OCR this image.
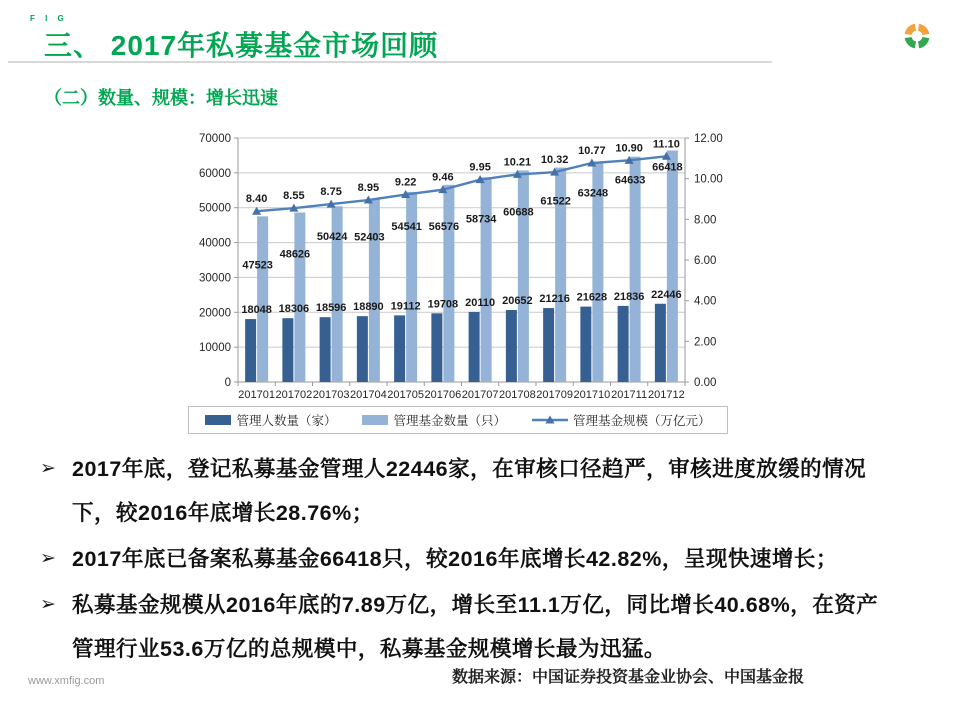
F I G
三、 2017年私募基金市场回顾
（二）数量、规模：增长迅速
0
10000
20000
30000
40000
50000
60000
70000
0.00
2.00
4.00
6.00
8.00
10.00
12.00
201701 201702 201703 201704 201705 201706 201707 201708 201709 201710 201711 201712
18048
47523
8.40
18306
48626
8.55
18596
50424
8.75
18890
52403
8.95
19112
54541
9.22
19708
56576
9.46
20110
58734
9.95
20652
60688
10.21
21216
61522
10.32
21628
63248
10.77
21836
64633
10.90
22446
66418
11.10
管理人数量（家）	管理基金数量（只）	管理基金规模（万亿元）
➢ 2017年底，登记私募基金管理人22446家，在审核口径趋严，审核进度放缓的情况下，较2016年底增长28.76%；
➢ 2017年底已备案私募基金66418只，较2016年底增长42.82%，呈现快速增长；
➢ 私募基金规模从2016年底的7.89万亿，增长至11.1万亿，同比增长40.68%，在资产管理行业53.6万亿的总规模中，私募基金规模增长最为迅猛。
www.xmfig.com	数据来源：中国证券投资基金业协会、中国基金报
